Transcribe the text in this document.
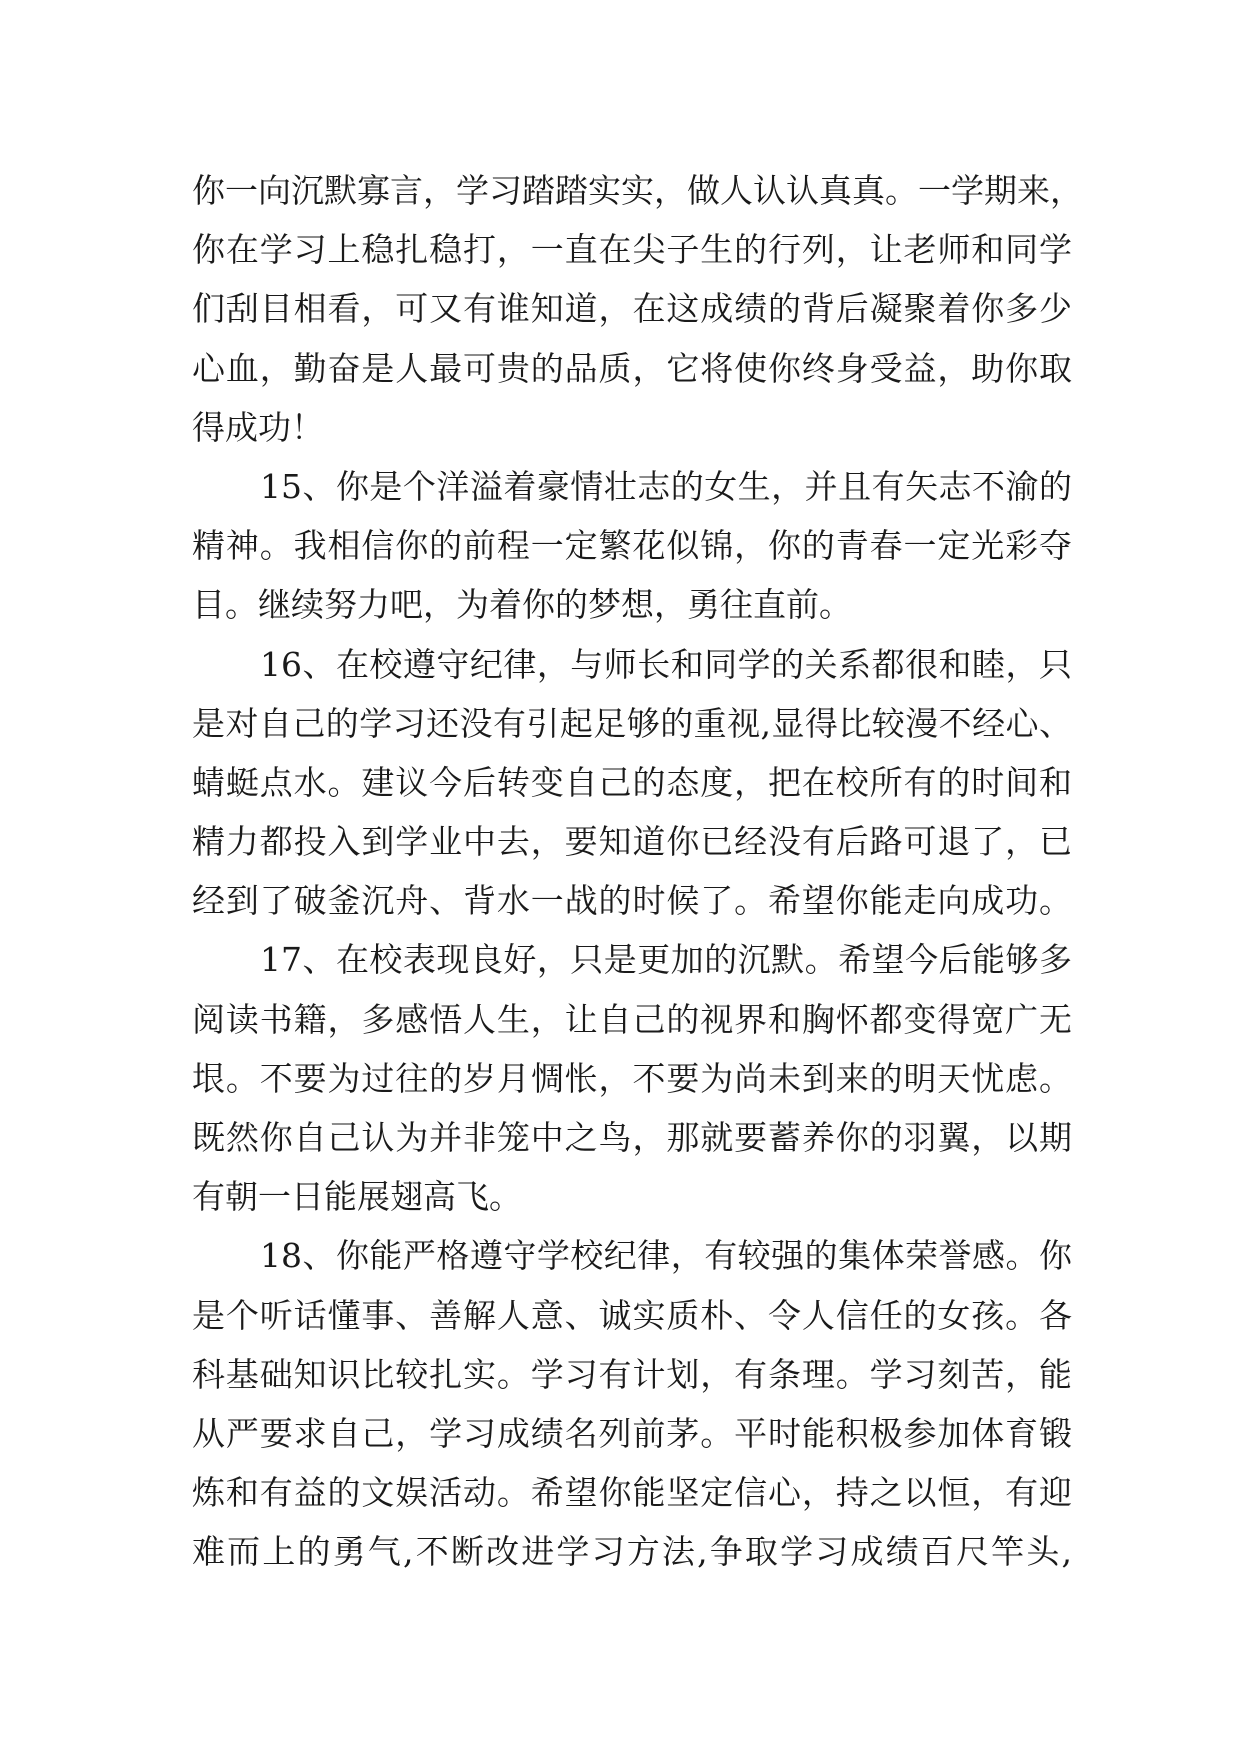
你一向沉默寡言，学习踏踏实实，做人认认真真。一学期来，
你在学习上稳扎稳打，一直在尖子生的行列，让老师和同学
们刮目相看，可又有谁知道，在这成绩的背后凝聚着你多少
心血，勤奋是人最可贵的品质，它将使你终身受益，助你取
得成功！
15、你是个洋溢着豪情壮志的女生，并且有矢志不渝的
精神。我相信你的前程一定繁花似锦，你的青春一定光彩夺
目。继续努力吧，为着你的梦想，勇往直前。
16、在校遵守纪律，与师长和同学的关系都很和睦，只
是对自己的学习还没有引起足够的重视,显得比较漫不经心、
蜻蜓点水。建议今后转变自己的态度，把在校所有的时间和
精力都投入到学业中去，要知道你已经没有后路可退了，已
经到了破釜沉舟、背水一战的时候了。希望你能走向成功。
17、在校表现良好，只是更加的沉默。希望今后能够多
阅读书籍，多感悟人生，让自己的视界和胸怀都变得宽广无
垠。不要为过往的岁月惆怅，不要为尚未到来的明天忧虑。
既然你自己认为并非笼中之鸟，那就要蓄养你的羽翼，以期
有朝一日能展翅高飞。
18、你能严格遵守学校纪律，有较强的集体荣誉感。你
是个听话懂事、善解人意、诚实质朴、令人信任的女孩。各
科基础知识比较扎实。学习有计划，有条理。学习刻苦，能
从严要求自己，学习成绩名列前茅。平时能积极参加体育锻
炼和有益的文娱活动。希望你能坚定信心，持之以恒，有迎
难而上的勇气,不断改进学习方法,争取学习成绩百尺竿头,
